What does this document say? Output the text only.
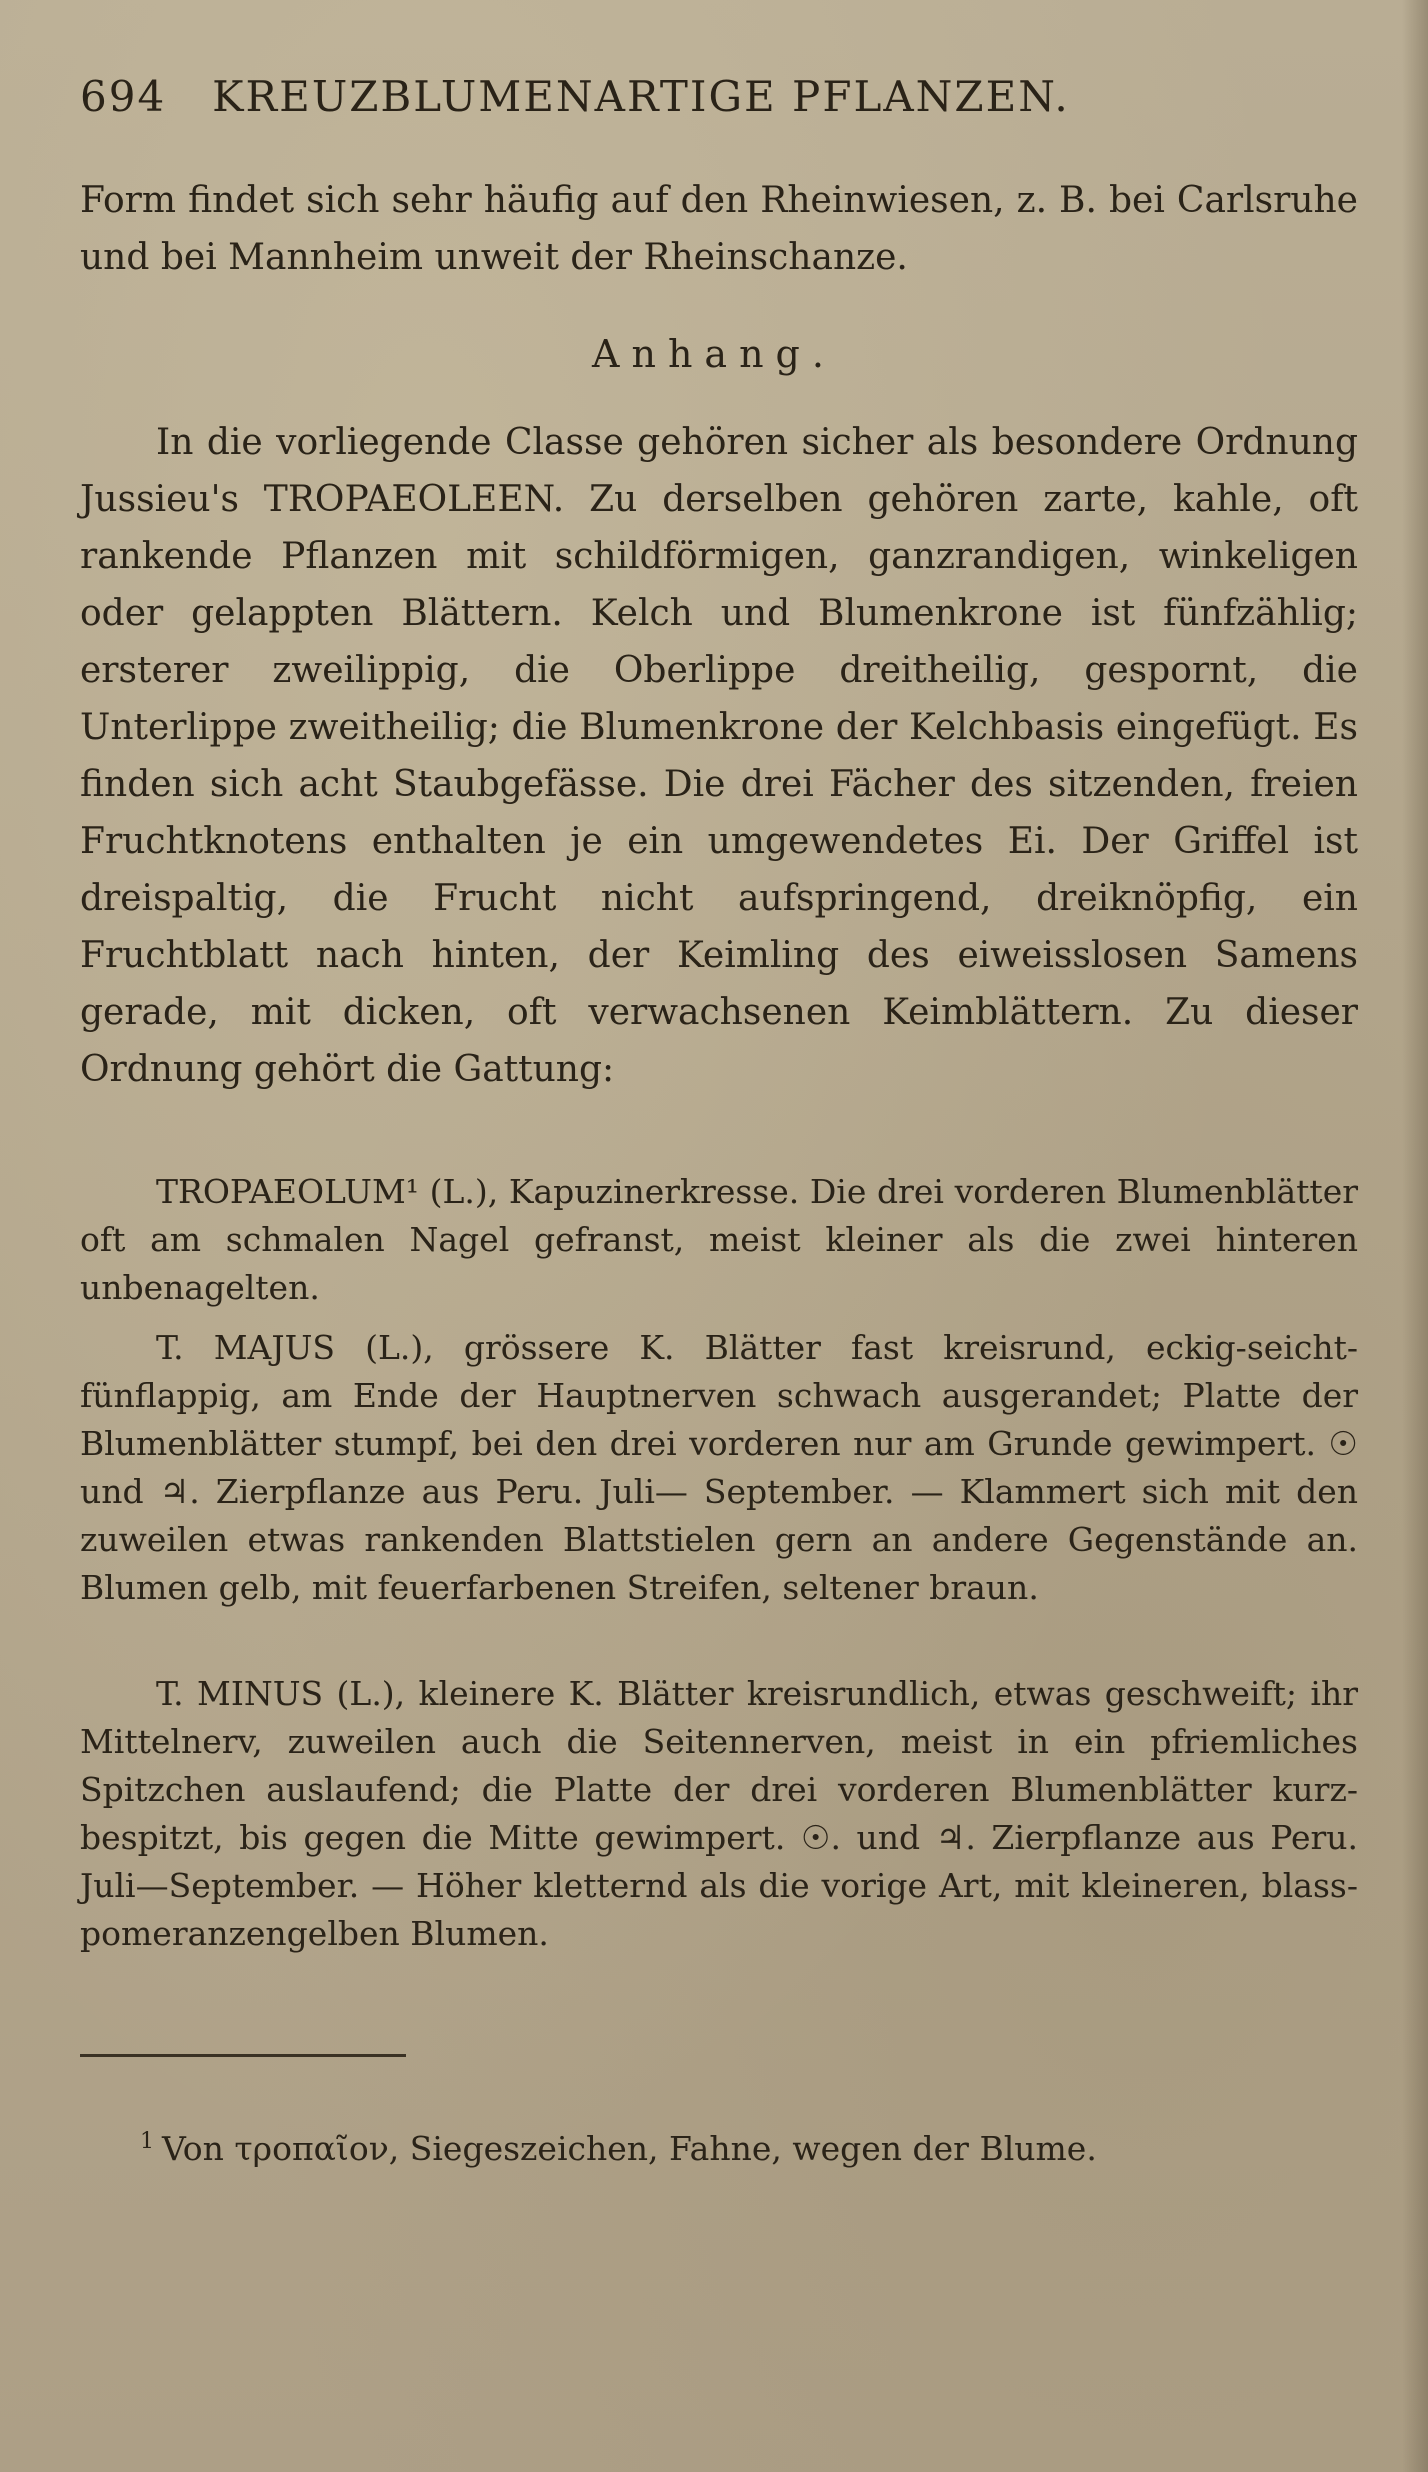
694 KREUZBLUMENARTIGE PFLANZEN.
Form findet sich sehr häufig auf den Rheinwiesen, z. B. bei Carlsruhe und bei Mannheim unweit der Rheinschanze.
Anhang.
In die vorliegende Classe gehören sicher als besondere Ordnung Jussieu's TROPAEOLEEN. Zu derselben gehören zarte, kahle, oft rankende Pflanzen mit schildförmigen, ganzrandigen, winkeligen oder gelappten Blättern. Kelch und Blumenkrone ist fünfzählig; ersterer zweilippig, die Oberlippe dreitheilig, gespornt, die Unterlippe zweitheilig; die Blumenkrone der Kelchbasis eingefügt. Es finden sich acht Staubgefässe. Die drei Fächer des sitzenden, freien Fruchtknotens enthalten je ein umgewendetes Ei. Der Griffel ist dreispaltig, die Frucht nicht aufspringend, dreiknöpfig, ein Fruchtblatt nach hinten, der Keimling des eiweisslosen Samens gerade, mit dicken, oft verwachsenen Keimblättern. Zu dieser Ordnung gehört die Gattung:
TROPAEOLUM¹ (L.), Kapuzinerkresse. Die drei vorderen Blumenblätter oft am schmalen Nagel gefranst, meist kleiner als die zwei hinteren unbenagelten.
T. MAJUS (L.), grössere K. Blätter fast kreisrund, eckig-seicht-fünflappig, am Ende der Hauptnerven schwach ausgerandet; Platte der Blumenblätter stumpf, bei den drei vorderen nur am Grunde gewimpert. ☉ und ♃. Zierpflanze aus Peru. Juli— September. — Klammert sich mit den zuweilen etwas rankenden Blattstielen gern an andere Gegenstände an. Blumen gelb, mit feuerfarbenen Streifen, seltener braun.
T. MINUS (L.), kleinere K. Blätter kreisrundlich, etwas geschweift; ihr Mittelnerv, zuweilen auch die Seitennerven, meist in ein pfriemliches Spitzchen auslaufend; die Platte der drei vorderen Blumenblätter kurz-bespitzt, bis gegen die Mitte gewimpert. ☉. und ♃. Zierpflanze aus Peru. Juli—September. — Höher kletternd als die vorige Art, mit kleineren, blass-pomeranzengelben Blumen.
$^1$ Von τροπαῖον, Siegeszeichen, Fahne, wegen der Blume.
